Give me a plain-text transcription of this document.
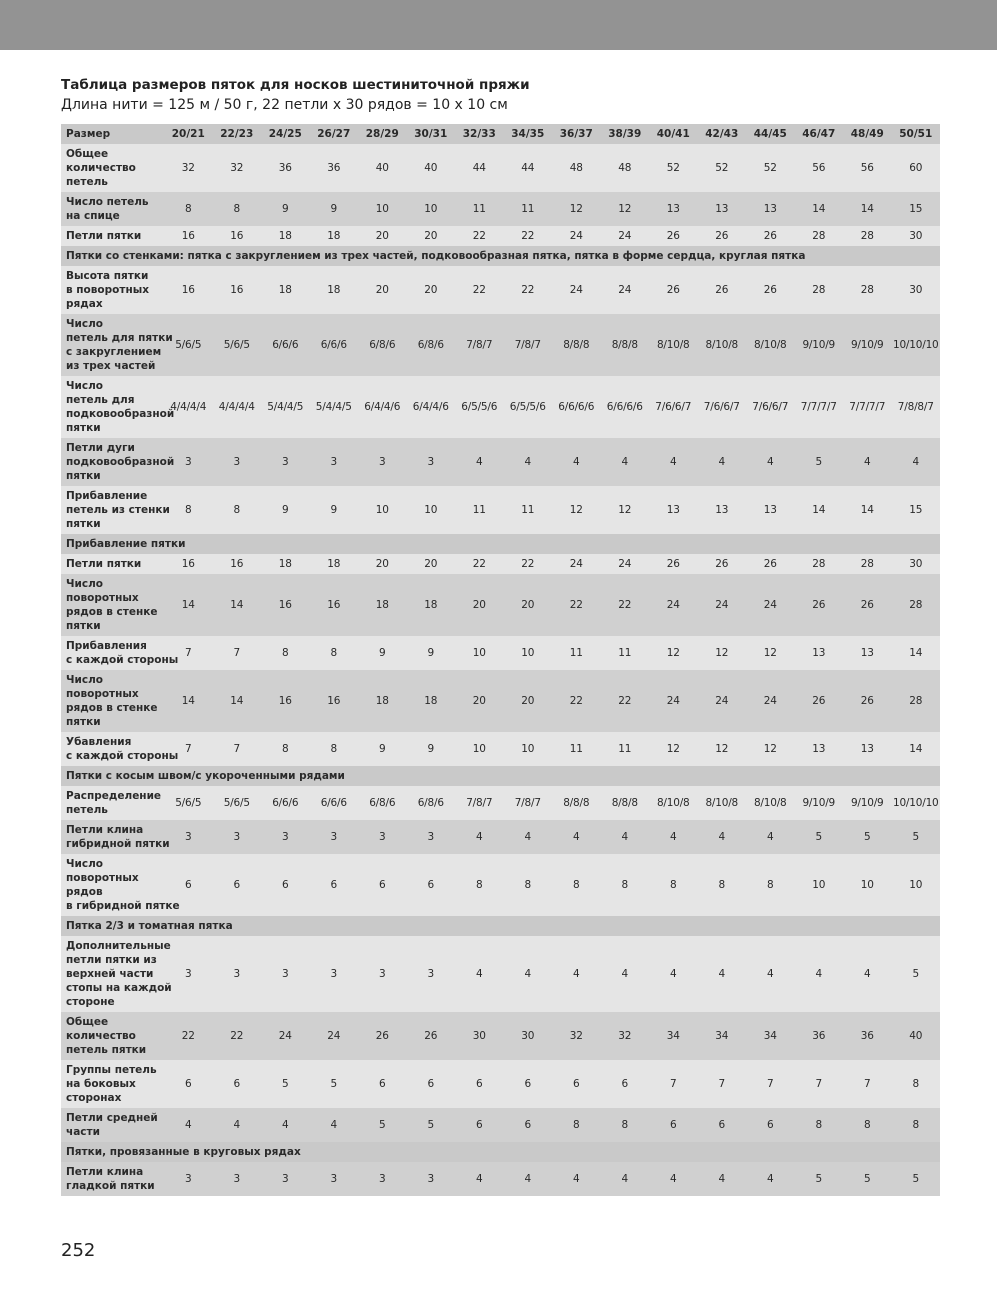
Таблица размеров пяток для носков шестиниточной пряжи
Длина нити = 125 м / 50 г, 22 петли х 30 рядов = 10 х 10 см
Размер	20/21	22/23	24/25	26/27	28/29	30/31	32/33	34/35	36/37	38/39	40/41	42/43	44/45	46/47	48/49	50/51

Общее
количество
петель	32	32	36	36	40	40	44	44	48	48	52	52	52	56	56	60

Число петель
на спице	8	8	9	9	10	10	11	11	12	12	13	13	13	14	14	15

Петли пятки	16	16	18	18	20	20	22	22	24	24	26	26	26	28	28	30
Пятки со стенками: пятка с закруглением из трех частей, подковообразная пятка, пятка в форме сердца, круглая пятка																

Высота пятки
в поворотных
рядах	16	16	18	18	20	20	22	22	24	24	26	26	26	28	28	30

Число
петель для пятки
с закруглением
из трех частей	5/6/5	5/6/5	6/6/6	6/6/6	6/8/6	6/8/6	7/8/7	7/8/7	8/8/8	8/8/8	8/10/8	8/10/8	8/10/8	9/10/9	9/10/9	10/10/10

Число
петель для
подковообразной
пятки	4/4/4/4	4/4/4/4	5/4/4/5	5/4/4/5	6/4/4/6	6/4/4/6	6/5/5/6	6/5/5/6	6/6/6/6	6/6/6/6	7/6/6/7	7/6/6/7	7/6/6/7	7/7/7/7	7/7/7/7	7/8/8/7

Петли дуги
подковообразной
пятки	3	3	3	3	3	3	4	4	4	4	4	4	4	5	4	4

Прибавление
петель из стенки
пятки	8	8	9	9	10	10	11	11	12	12	13	13	13	14	14	15
Прибавление пятки																

Петли пятки	16	16	18	18	20	20	22	22	24	24	26	26	26	28	28	30

Число
поворотных
рядов в стенке
пятки	14	14	16	16	18	18	20	20	22	22	24	24	24	26	26	28

Прибавления
с каждой стороны	7	7	8	8	9	9	10	10	11	11	12	12	12	13	13	14

Число
поворотных
рядов в стенке
пятки	14	14	16	16	18	18	20	20	22	22	24	24	24	26	26	28

Убавления
с каждой стороны	7	7	8	8	9	9	10	10	11	11	12	12	12	13	13	14
Пятки с косым швом/с укороченными рядами																

Распределение
петель	5/6/5	5/6/5	6/6/6	6/6/6	6/8/6	6/8/6	7/8/7	7/8/7	8/8/8	8/8/8	8/10/8	8/10/8	8/10/8	9/10/9	9/10/9	10/10/10

Петли клина
гибридной пятки	3	3	3	3	3	3	4	4	4	4	4	4	4	5	5	5

Число
поворотных
рядов
в гибридной пятке	6	6	6	6	6	6	8	8	8	8	8	8	8	10	10	10
Пятка 2/3 и томатная пятка																

Дополнительные
петли пятки из
верхней части
стопы на каждой
стороне	3	3	3	3	3	3	4	4	4	4	4	4	4	4	4	5

Общее
количество
петель пятки	22	22	24	24	26	26	30	30	32	32	34	34	34	36	36	40

Группы петель
на боковых
сторонах	6	6	5	5	6	6	6	6	6	6	7	7	7	7	7	8

Петли средней
части	4	4	4	4	5	5	6	6	8	8	6	6	6	8	8	8
Пятки, провязанные в круговых рядах																

Петли клина
гладкой пятки	3	3	3	3	3	3	4	4	4	4	4	4	4	5	5	5
252
